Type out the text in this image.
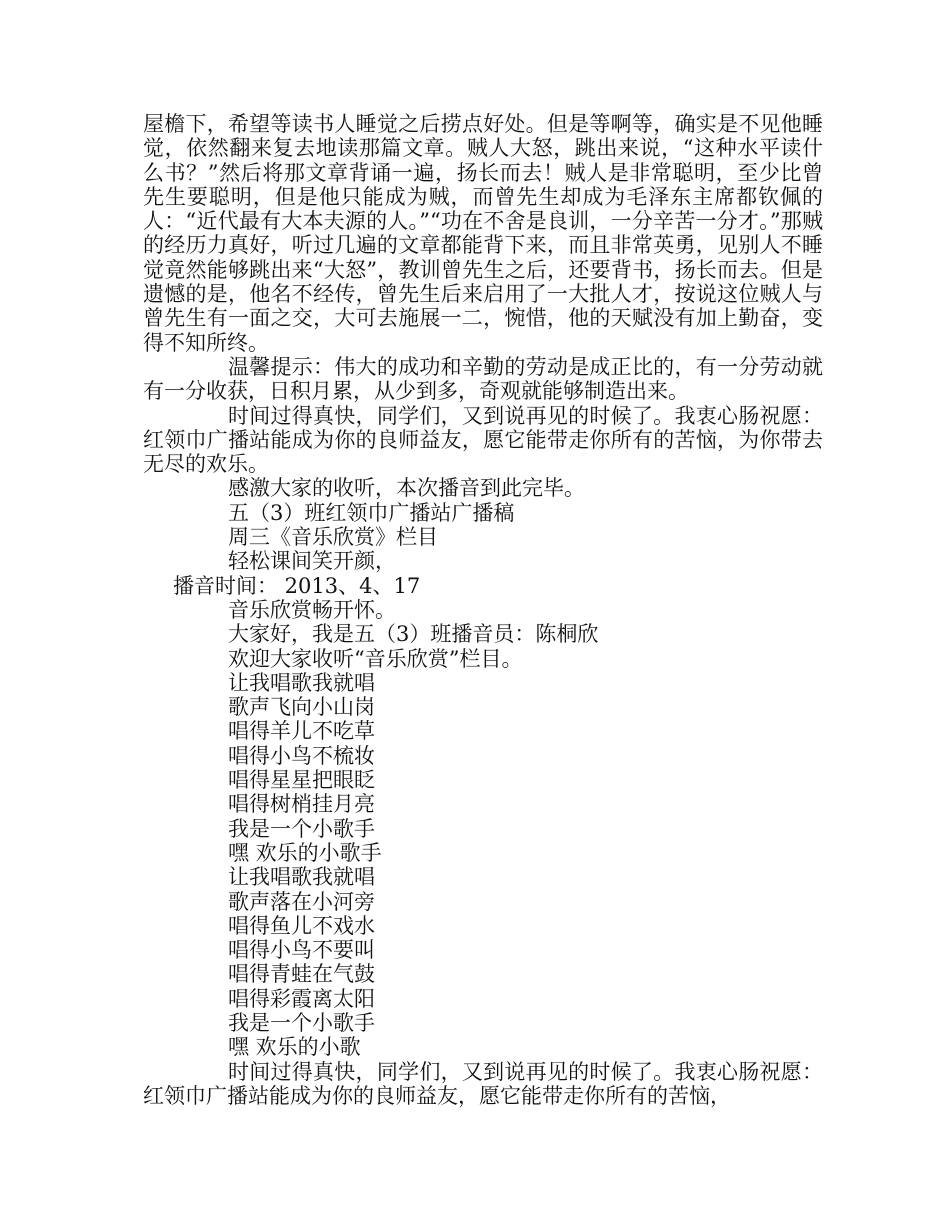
屋檐下，希望等读书人睡觉之后捞点好处。但是等啊等，确实是不见他睡觉，依然翻来复去地读那篇文章。贼人大怒，跳出来说，“这种水平读什么书？”然后将那文章背诵一遍，扬长而去！贼人是非常聪明，至少比曾先生要聪明，但是他只能成为贼，而曾先生却成为毛泽东主席都钦佩的人：“近代最有大本夫源的人。”“功在不舍是良训，一分辛苦一分才。”那贼的经历力真好，听过几遍的文章都能背下来，而且非常英勇，见别人不睡觉竟然能够跳出来“大怒”，教训曾先生之后，还要背书，扬长而去。但是遗憾的是，他名不经传，曾先生后来启用了一大批人才，按说这位贼人与曾先生有一面之交，大可去施展一二，惋惜，他的天赋没有加上勤奋，变得不知所终。

温馨提示：伟大的成功和辛勤的劳动是成正比的，有一分劳动就有一分收获，日积月累，从少到多，奇观就能够制造出来。

时间过得真快，同学们，又到说再见的时候了。我衷心肠祝愿：红领巾广播站能成为你的良师益友，愿它能带走你所有的苦恼，为你带去无尽的欢乐。

感激大家的收听，本次播音到此完毕。
五（3）班红领巾广播站广播稿
周三《音乐欣赏》栏目
轻松课间笑开颜，
播音时间： 2013、4、17
音乐欣赏畅开怀。
大家好，我是五（3）班播音员：陈桐欣
欢迎大家收听“音乐欣赏”栏目。
让我唱歌我就唱
歌声飞向小山岗
唱得羊儿不吃草
唱得小鸟不梳妆
唱得星星把眼眨
唱得树梢挂月亮
我是一个小歌手
嘿 欢乐的小歌手
让我唱歌我就唱
歌声落在小河旁
唱得鱼儿不戏水
唱得小鸟不要叫
唱得青蛙在气鼓
唱得彩霞离太阳
我是一个小歌手
嘿 欢乐的小歌

时间过得真快，同学们，又到说再见的时候了。我衷心肠祝愿：红领巾广播站能成为你的良师益友，愿它能带走你所有的苦恼，
